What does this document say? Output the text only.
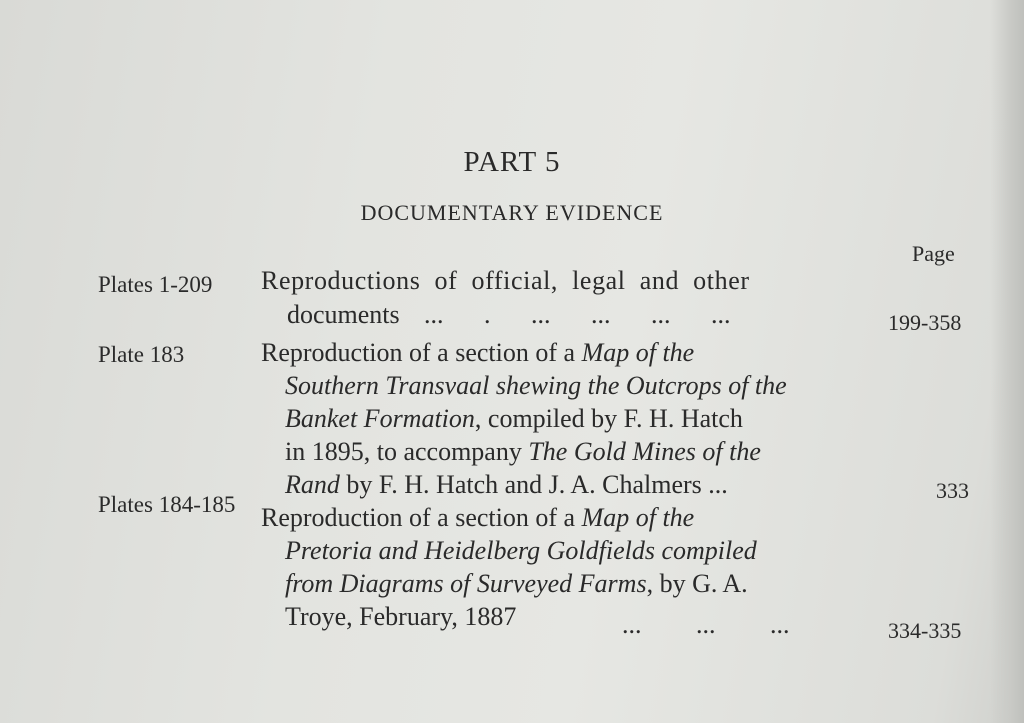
PART 5
DOCUMENTARY EVIDENCE
Page
Plates 1-209 Reproductions of official, legal and other
documents ... . ... ... ... ...	199-358
Plate 183	Reproduction of a section of a Map of the
Southern Transvaal shewing the Outcrops of the
Banket Formation, compiled by F. H. Hatch
in 1895, to accompany The Gold Mines of the
Rand by F. H. Hatch and J. A. Chalmers ...	333
Plates 184-185 Reproduction of a section of a Map of the
Pretoria and Heidelberg Goldfields compiled
from Diagrams of Surveyed Farms, by G. A.
Troye, February, 1887	... ... ...	334-335
